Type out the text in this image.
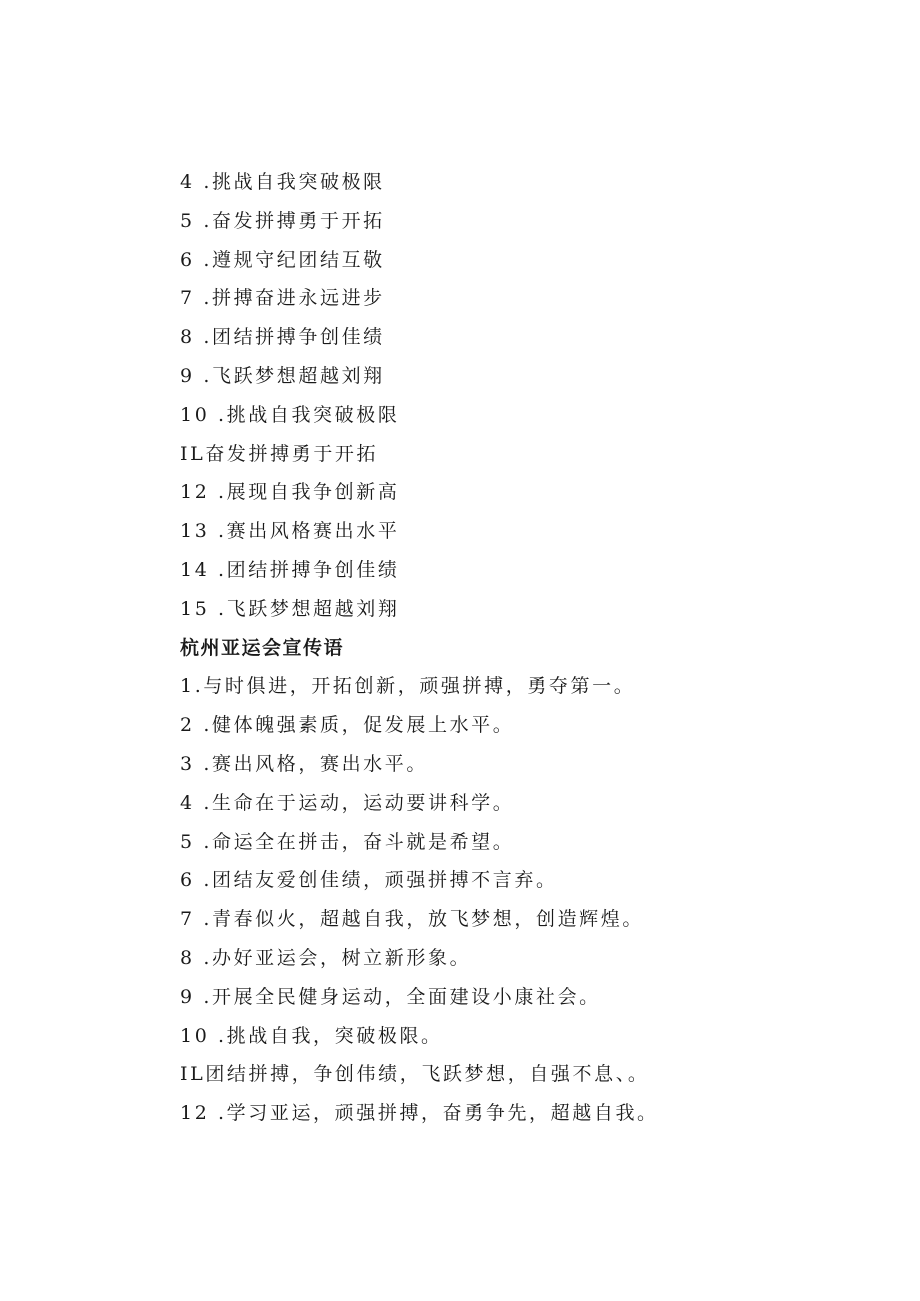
4 .挑战自我突破极限
5 .奋发拼搏勇于开拓
6 .遵规守纪团结互敬
7 .拼搏奋进永远进步
8 .团结拼搏争创佳绩
9 .飞跃梦想超越刘翔
10 .挑战自我突破极限
IL奋发拼搏勇于开拓
12 .展现自我争创新高
13 .赛出风格赛出水平
14 .团结拼搏争创佳绩
15 .飞跃梦想超越刘翔
杭州亚运会宣传语
1.与时俱进，开拓创新，顽强拼搏，勇夺第一。
2 .健体魄强素质，促发展上水平。
3 .赛出风格，赛出水平。
4 .生命在于运动，运动要讲科学。
5 .命运全在拼击，奋斗就是希望。
6 .团结友爱创佳绩，顽强拼搏不言弃。
7 .青春似火，超越自我，放飞梦想，创造辉煌。
8 .办好亚运会，树立新形象。
9 .开展全民健身运动，全面建设小康社会。
10 .挑战自我，突破极限。
IL团结拼搏，争创伟绩，飞跃梦想，自强不息、。
12 .学习亚运，顽强拼搏，奋勇争先，超越自我。
